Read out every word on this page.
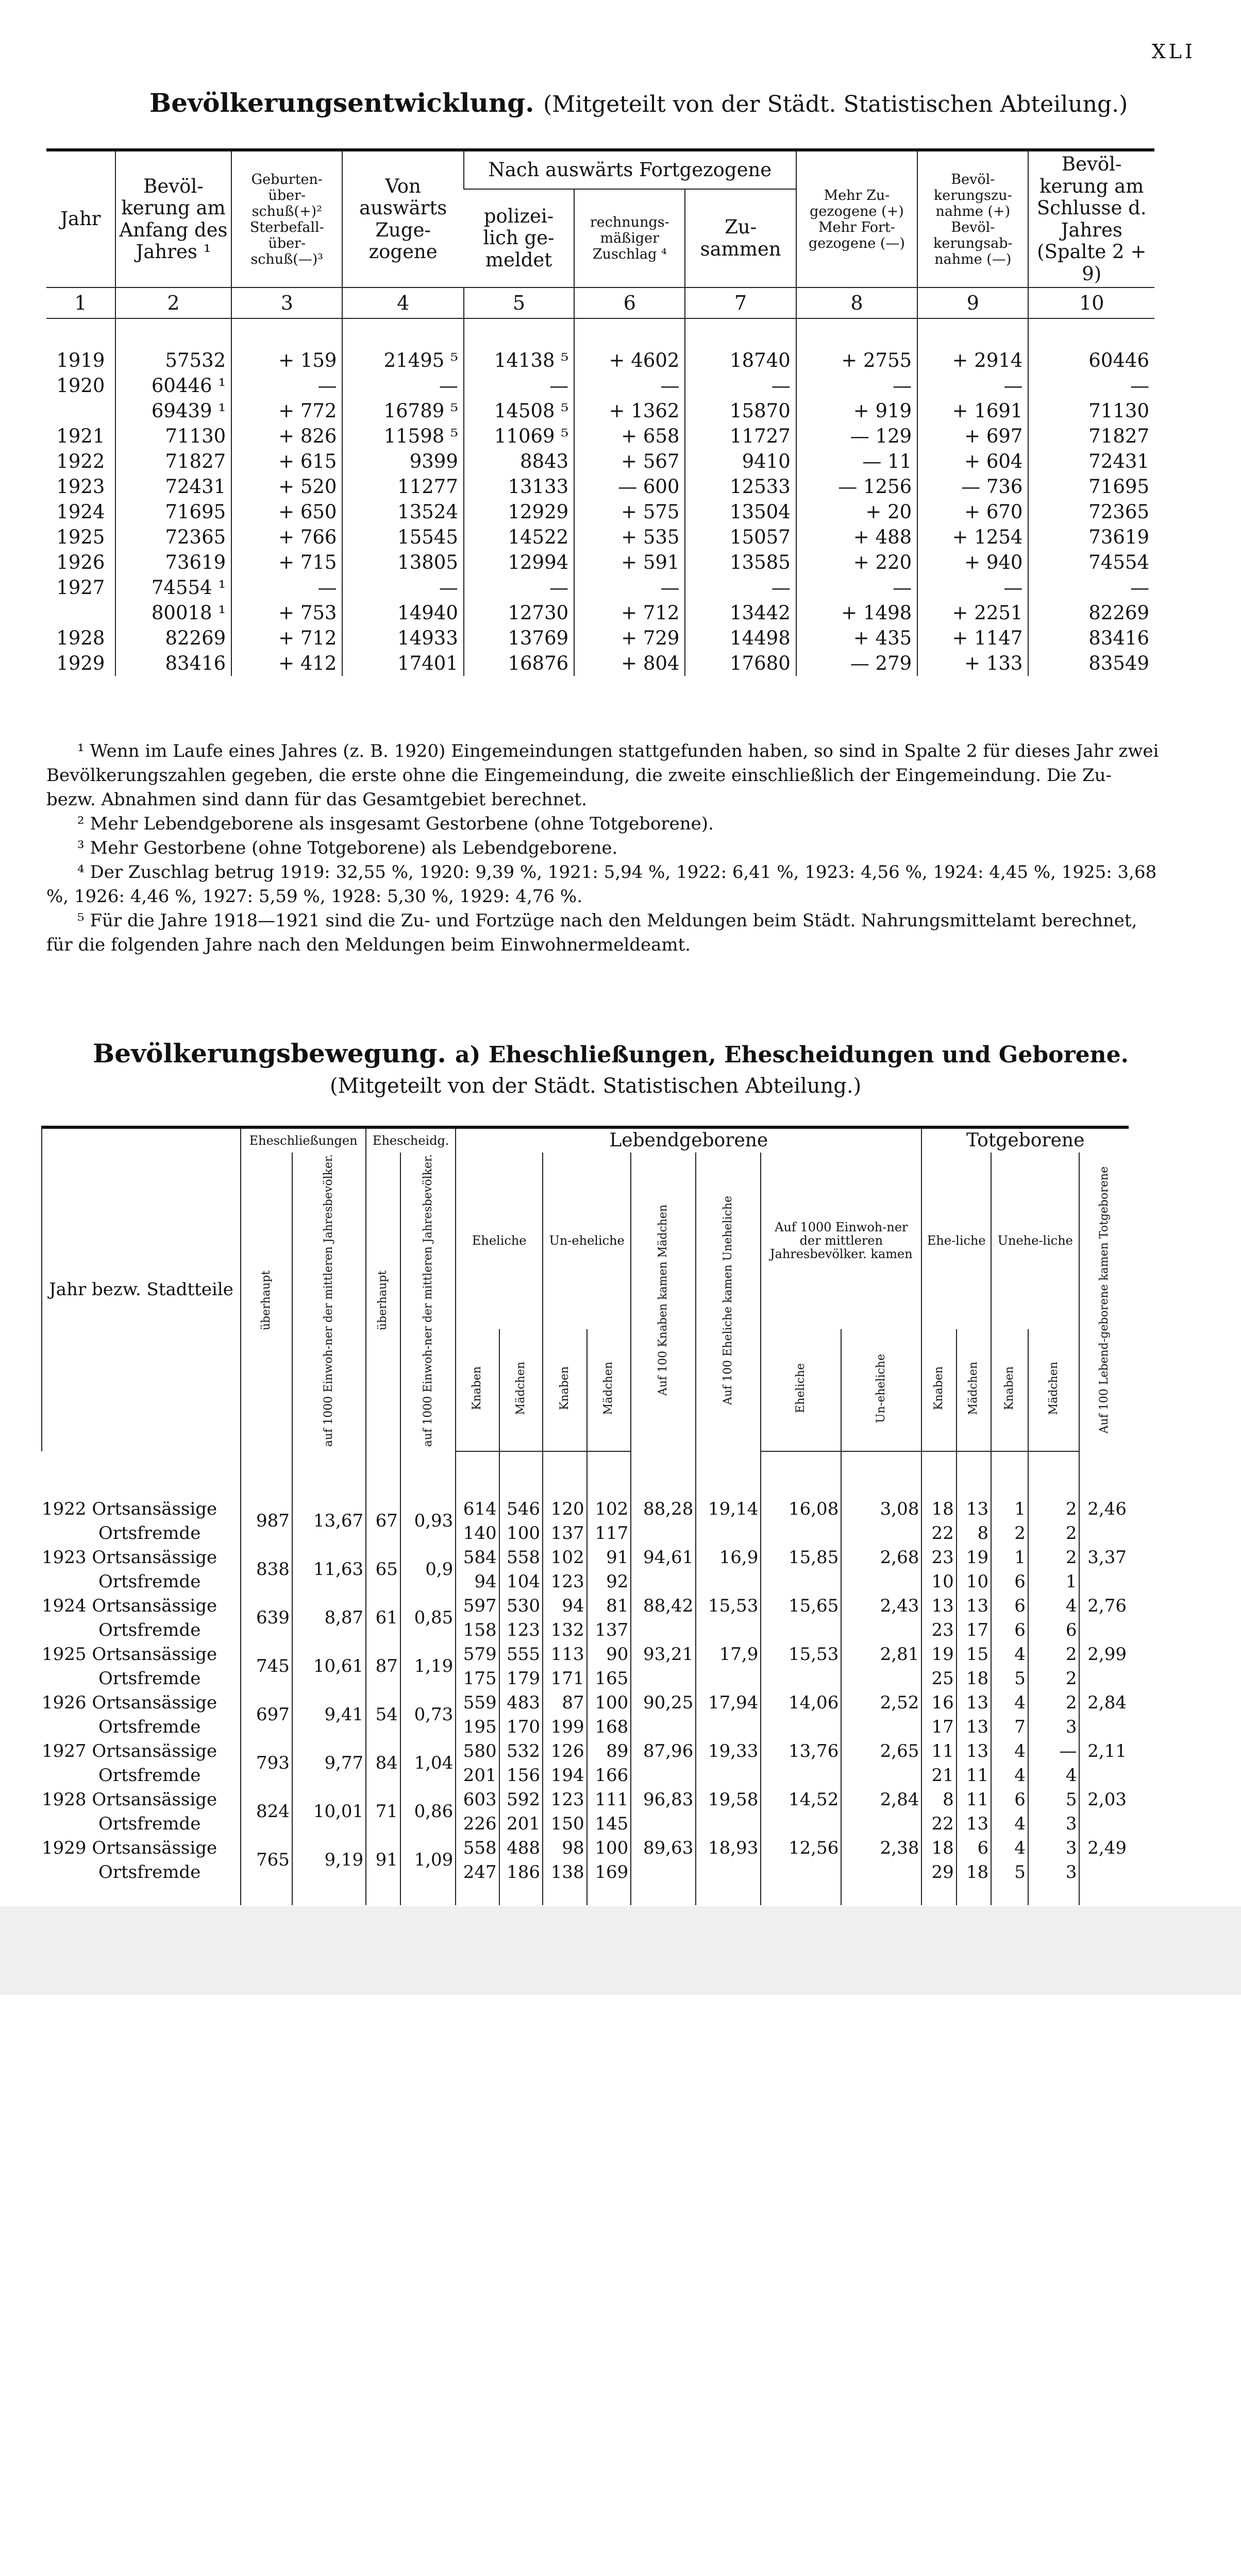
XLI
Bevölkerungsentwicklung. (Mitgeteilt von der Städt. Statistischen Abteilung.)
Jahr	Bevöl-kerung am Anfang des Jahres ¹	Geburten-über-schuß(+)² Sterbefall-über-schuß(—)³	Von auswärts Zuge-zogene	Nach auswärts Fortgezogene			Mehr Zu-gezogene (+) Mehr Fort-gezogene (—)	Bevöl-kerungszu-nahme (+) Bevöl-kerungsab-nahme (—)	Bevöl-kerung am Schlusse d. Jahres (Spalte 2 + 9)
				polizei-lich ge-meldet	rechnungs-mäßiger Zuschlag ⁴	Zu-sammen			
1	2	3	4	5	6	7	8	9	10

1919	57532	+ 159	21495 ⁵	14138 ⁵	+ 4602	18740	+ 2755	+ 2914	60446
1920	60446 ¹	—	—	—	—	—	—	—	—
	69439 ¹	+ 772	16789 ⁵	14508 ⁵	+ 1362	15870	+ 919	+ 1691	71130
1921	71130	+ 826	11598 ⁵	11069 ⁵	+ 658	11727	— 129	+ 697	71827
1922	71827	+ 615	9399	8843	+ 567	9410	— 11	+ 604	72431
1923	72431	+ 520	11277	13133	— 600	12533	— 1256	— 736	71695
1924	71695	+ 650	13524	12929	+ 575	13504	+ 20	+ 670	72365
1925	72365	+ 766	15545	14522	+ 535	15057	+ 488	+ 1254	73619
1926	73619	+ 715	13805	12994	+ 591	13585	+ 220	+ 940	74554
1927	74554 ¹	—	—	—	—	—	—	—	—
	80018 ¹	+ 753	14940	12730	+ 712	13442	+ 1498	+ 2251	82269
1928	82269	+ 712	14933	13769	+ 729	14498	+ 435	+ 1147	83416
1929	83416	+ 412	17401	16876	+ 804	17680	— 279	+ 133	83549

¹ Wenn im Laufe eines Jahres (z. B. 1920) Eingemeindungen stattgefunden haben, so sind in Spalte 2 für dieses Jahr zwei Bevölkerungszahlen gegeben, die erste ohne die Eingemeindung, die zweite einschließlich der Eingemeindung. Die Zu- bezw. Abnahmen sind dann für das Gesamtgebiet berechnet.

² Mehr Lebendgeborene als insgesamt Gestorbene (ohne Totgeborene).

³ Mehr Gestorbene (ohne Totgeborene) als Lebendgeborene.

⁴ Der Zuschlag betrug 1919: 32,55 %, 1920: 9,39 %, 1921: 5,94 %, 1922: 6,41 %, 1923: 4,56 %, 1924: 4,45 %, 1925: 3,68 %, 1926: 4,46 %, 1927: 5,59 %, 1928: 5,30 %, 1929: 4,76 %.

⁵ Für die Jahre 1918—1921 sind die Zu- und Fortzüge nach den Meldungen beim Städt. Nahrungsmittelamt berechnet, für die folgenden Jahre nach den Meldungen beim Einwohnermeldeamt.

Bevölkerungsbewegung. a) Eheschließungen, Ehescheidungen und Geborene.
(Mitgeteilt von der Städt. Statistischen Abteilung.)
Jahr bezw. Stadtteile	Eheschließungen		Ehescheidg.		Lebendgeborene								Totgeborene				
	überhaupt	auf 1000 Einwoh-ner der mittleren Jahresbevölker.	überhaupt	auf 1000 Einwoh-ner der mittleren Jahresbevölker.	Eheliche		Un-eheliche		Auf 100 Knaben kamen Mädchen	Auf 100 Eheliche kamen Uneheliche	Auf 1000 Einwoh-ner der mittleren Jahresbevölker. kamen		Ehe-liche		Unehe-liche		Auf 100 Lebend-geborene kamen Totgeborene
					Knaben	Mädchen	Knaben	Mädchen			Eheliche	Un-eheliche	Knaben	Mädchen	Knaben	Mädchen	

1922 Ortsansässige	987	13,67	67	0,93	614	546	120	102	88,28	19,14	16,08	3,08	18	13	1	2	2,46
Ortsfremde					140	100	137	117					22	8	2	2	
1923 Ortsansässige	838	11,63	65	0,9	584	558	102	91	94,61	16,9	15,85	2,68	23	19	1	2	3,37
Ortsfremde					94	104	123	92					10	10	6	1	
1924 Ortsansässige	639	8,87	61	0,85	597	530	94	81	88,42	15,53	15,65	2,43	13	13	6	4	2,76
Ortsfremde					158	123	132	137					23	17	6	6	
1925 Ortsansässige	745	10,61	87	1,19	579	555	113	90	93,21	17,9	15,53	2,81	19	15	4	2	2,99
Ortsfremde					175	179	171	165					25	18	5	2	
1926 Ortsansässige	697	9,41	54	0,73	559	483	87	100	90,25	17,94	14,06	2,52	16	13	4	2	2,84
Ortsfremde					195	170	199	168					17	13	7	3	
1927 Ortsansässige	793	9,77	84	1,04	580	532	126	89	87,96	19,33	13,76	2,65	11	13	4	—	2,11
Ortsfremde					201	156	194	166					21	11	4	4	
1928 Ortsansässige	824	10,01	71	0,86	603	592	123	111	96,83	19,58	14,52	2,84	8	11	6	5	2,03
Ortsfremde					226	201	150	145					22	13	4	3	
1929 Ortsansässige	765	9,19	91	1,09	558	488	98	100	89,63	18,93	12,56	2,38	18	6	4	3	2,49
Ortsfremde					247	186	138	169					29	18	5	3	
